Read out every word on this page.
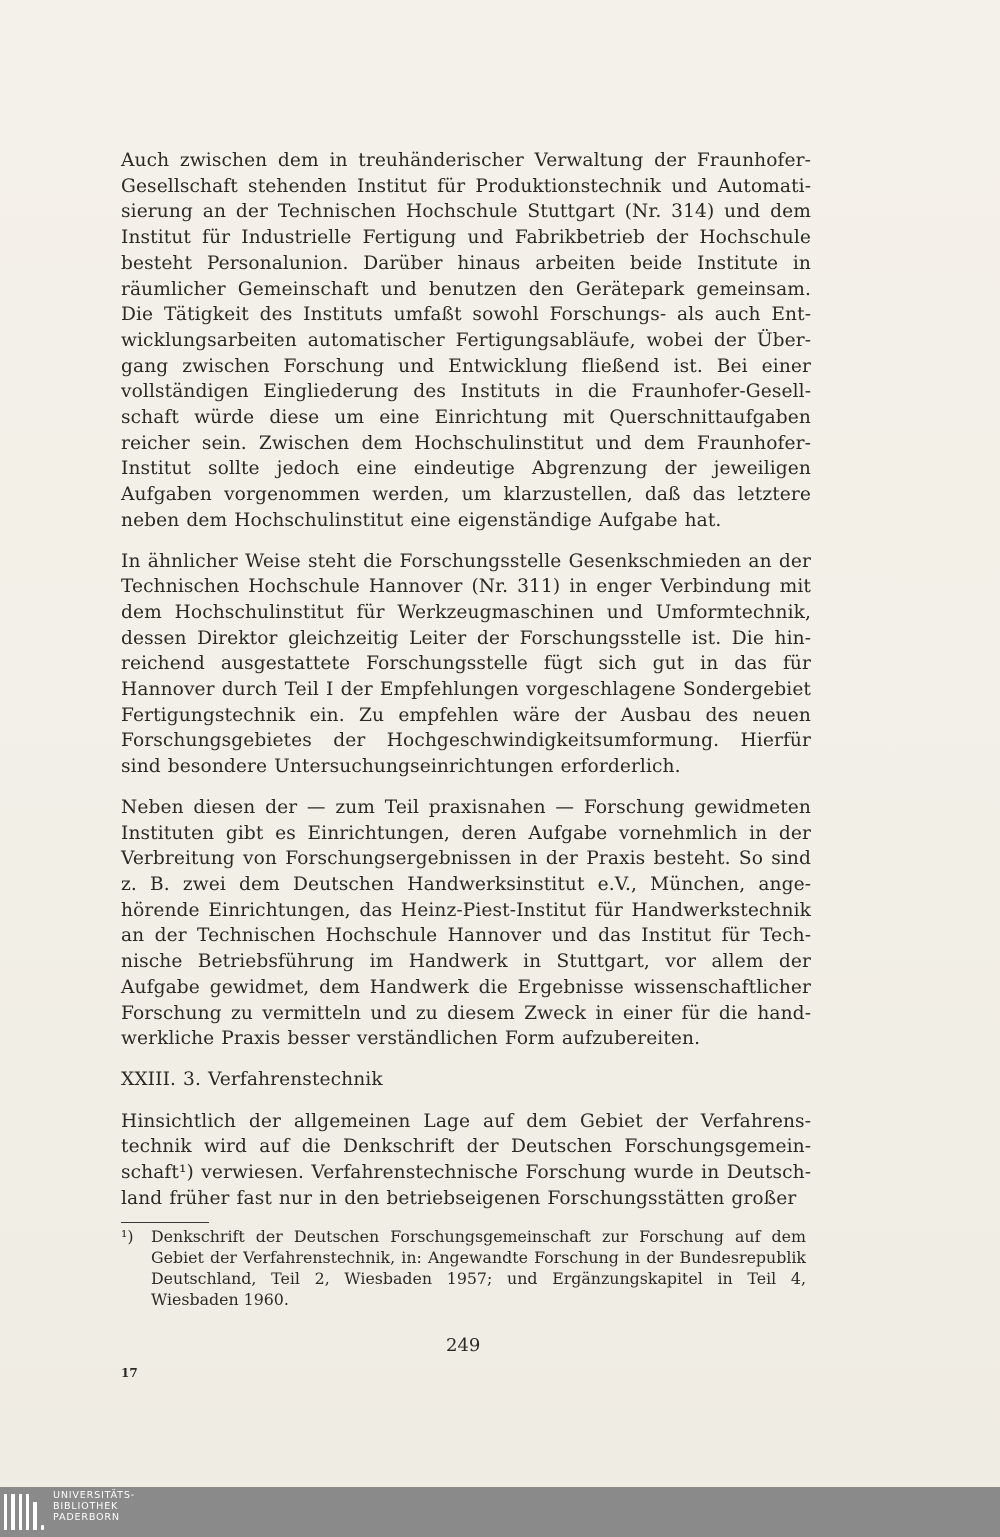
Auch zwischen dem in treuhänderischer Verwaltung der Fraunhofer-Gesellschaft stehenden Institut für Produktionstechnik und Automatisierung an der Technischen Hochschule Stuttgart (Nr. 314) und dem Institut für Industrielle Fertigung und Fabrikbetrieb der Hochschule besteht Personalunion. Darüber hinaus arbeiten beide Institute in räumlicher Gemeinschaft und benutzen den Gerätepark gemeinsam. Die Tätigkeit des Instituts umfaßt sowohl Forschungs- als auch Entwicklungsarbeiten automatischer Fertigungsabläufe, wobei der Übergang zwischen Forschung und Entwicklung fließend ist. Bei einer vollständigen Eingliederung des Instituts in die Fraunhofer-Gesellschaft würde diese um eine Einrichtung mit Querschnittaufgaben reicher sein. Zwischen dem Hochschulinstitut und dem Fraunhofer-Institut sollte jedoch eine eindeutige Abgrenzung der jeweiligen Aufgaben vorgenommen werden, um klarzustellen, daß das letztere neben dem Hochschulinstitut eine eigenständige Aufgabe hat.

In ähnlicher Weise steht die Forschungsstelle Gesenkschmieden an der Technischen Hochschule Hannover (Nr. 311) in enger Verbindung mit dem Hochschulinstitut für Werkzeugmaschinen und Umformtechnik, dessen Direktor gleichzeitig Leiter der Forschungsstelle ist. Die hinreichend ausgestattete Forschungsstelle fügt sich gut in das für Hannover durch Teil I der Empfehlungen vorgeschlagene Sondergebiet Fertigungstechnik ein. Zu empfehlen wäre der Ausbau des neuen Forschungsgebietes der Hochgeschwindigkeitsumformung. Hierfür sind besondere Untersuchungseinrichtungen erforderlich.

Neben diesen der — zum Teil praxisnahen — Forschung gewidmeten Instituten gibt es Einrichtungen, deren Aufgabe vornehmlich in der Verbreitung von Forschungsergebnissen in der Praxis besteht. So sind z. B. zwei dem Deutschen Handwerksinstitut e.V., München, angehörende Einrichtungen, das Heinz-Piest-Institut für Handwerkstechnik an der Technischen Hochschule Hannover und das Institut für Technische Betriebsführung im Handwerk in Stuttgart, vor allem der Aufgabe gewidmet, dem Handwerk die Ergebnisse wissenschaftlicher Forschung zu vermitteln und zu diesem Zweck in einer für die handwerkliche Praxis besser verständlichen Form aufzubereiten.

XXIII. 3. Verfahrenstechnik

Hinsichtlich der allgemeinen Lage auf dem Gebiet der Verfahrenstechnik wird auf die Denkschrift der Deutschen Forschungsgemeinschaft¹) verwiesen. Verfahrenstechnische Forschung wurde in Deutschland früher fast nur in den betriebseigenen Forschungsstätten großer

¹) Denkschrift der Deutschen Forschungsgemeinschaft zur Forschung auf dem Gebiet der Verfahrenstechnik, in: Angewandte Forschung in der Bundesrepublik Deutschland, Teil 2, Wiesbaden 1957; und Ergänzungskapitel in Teil 4, Wiesbaden 1960.
249
17
UNIVERSITÄTS-
BIBLIOTHEK
PADERBORN
